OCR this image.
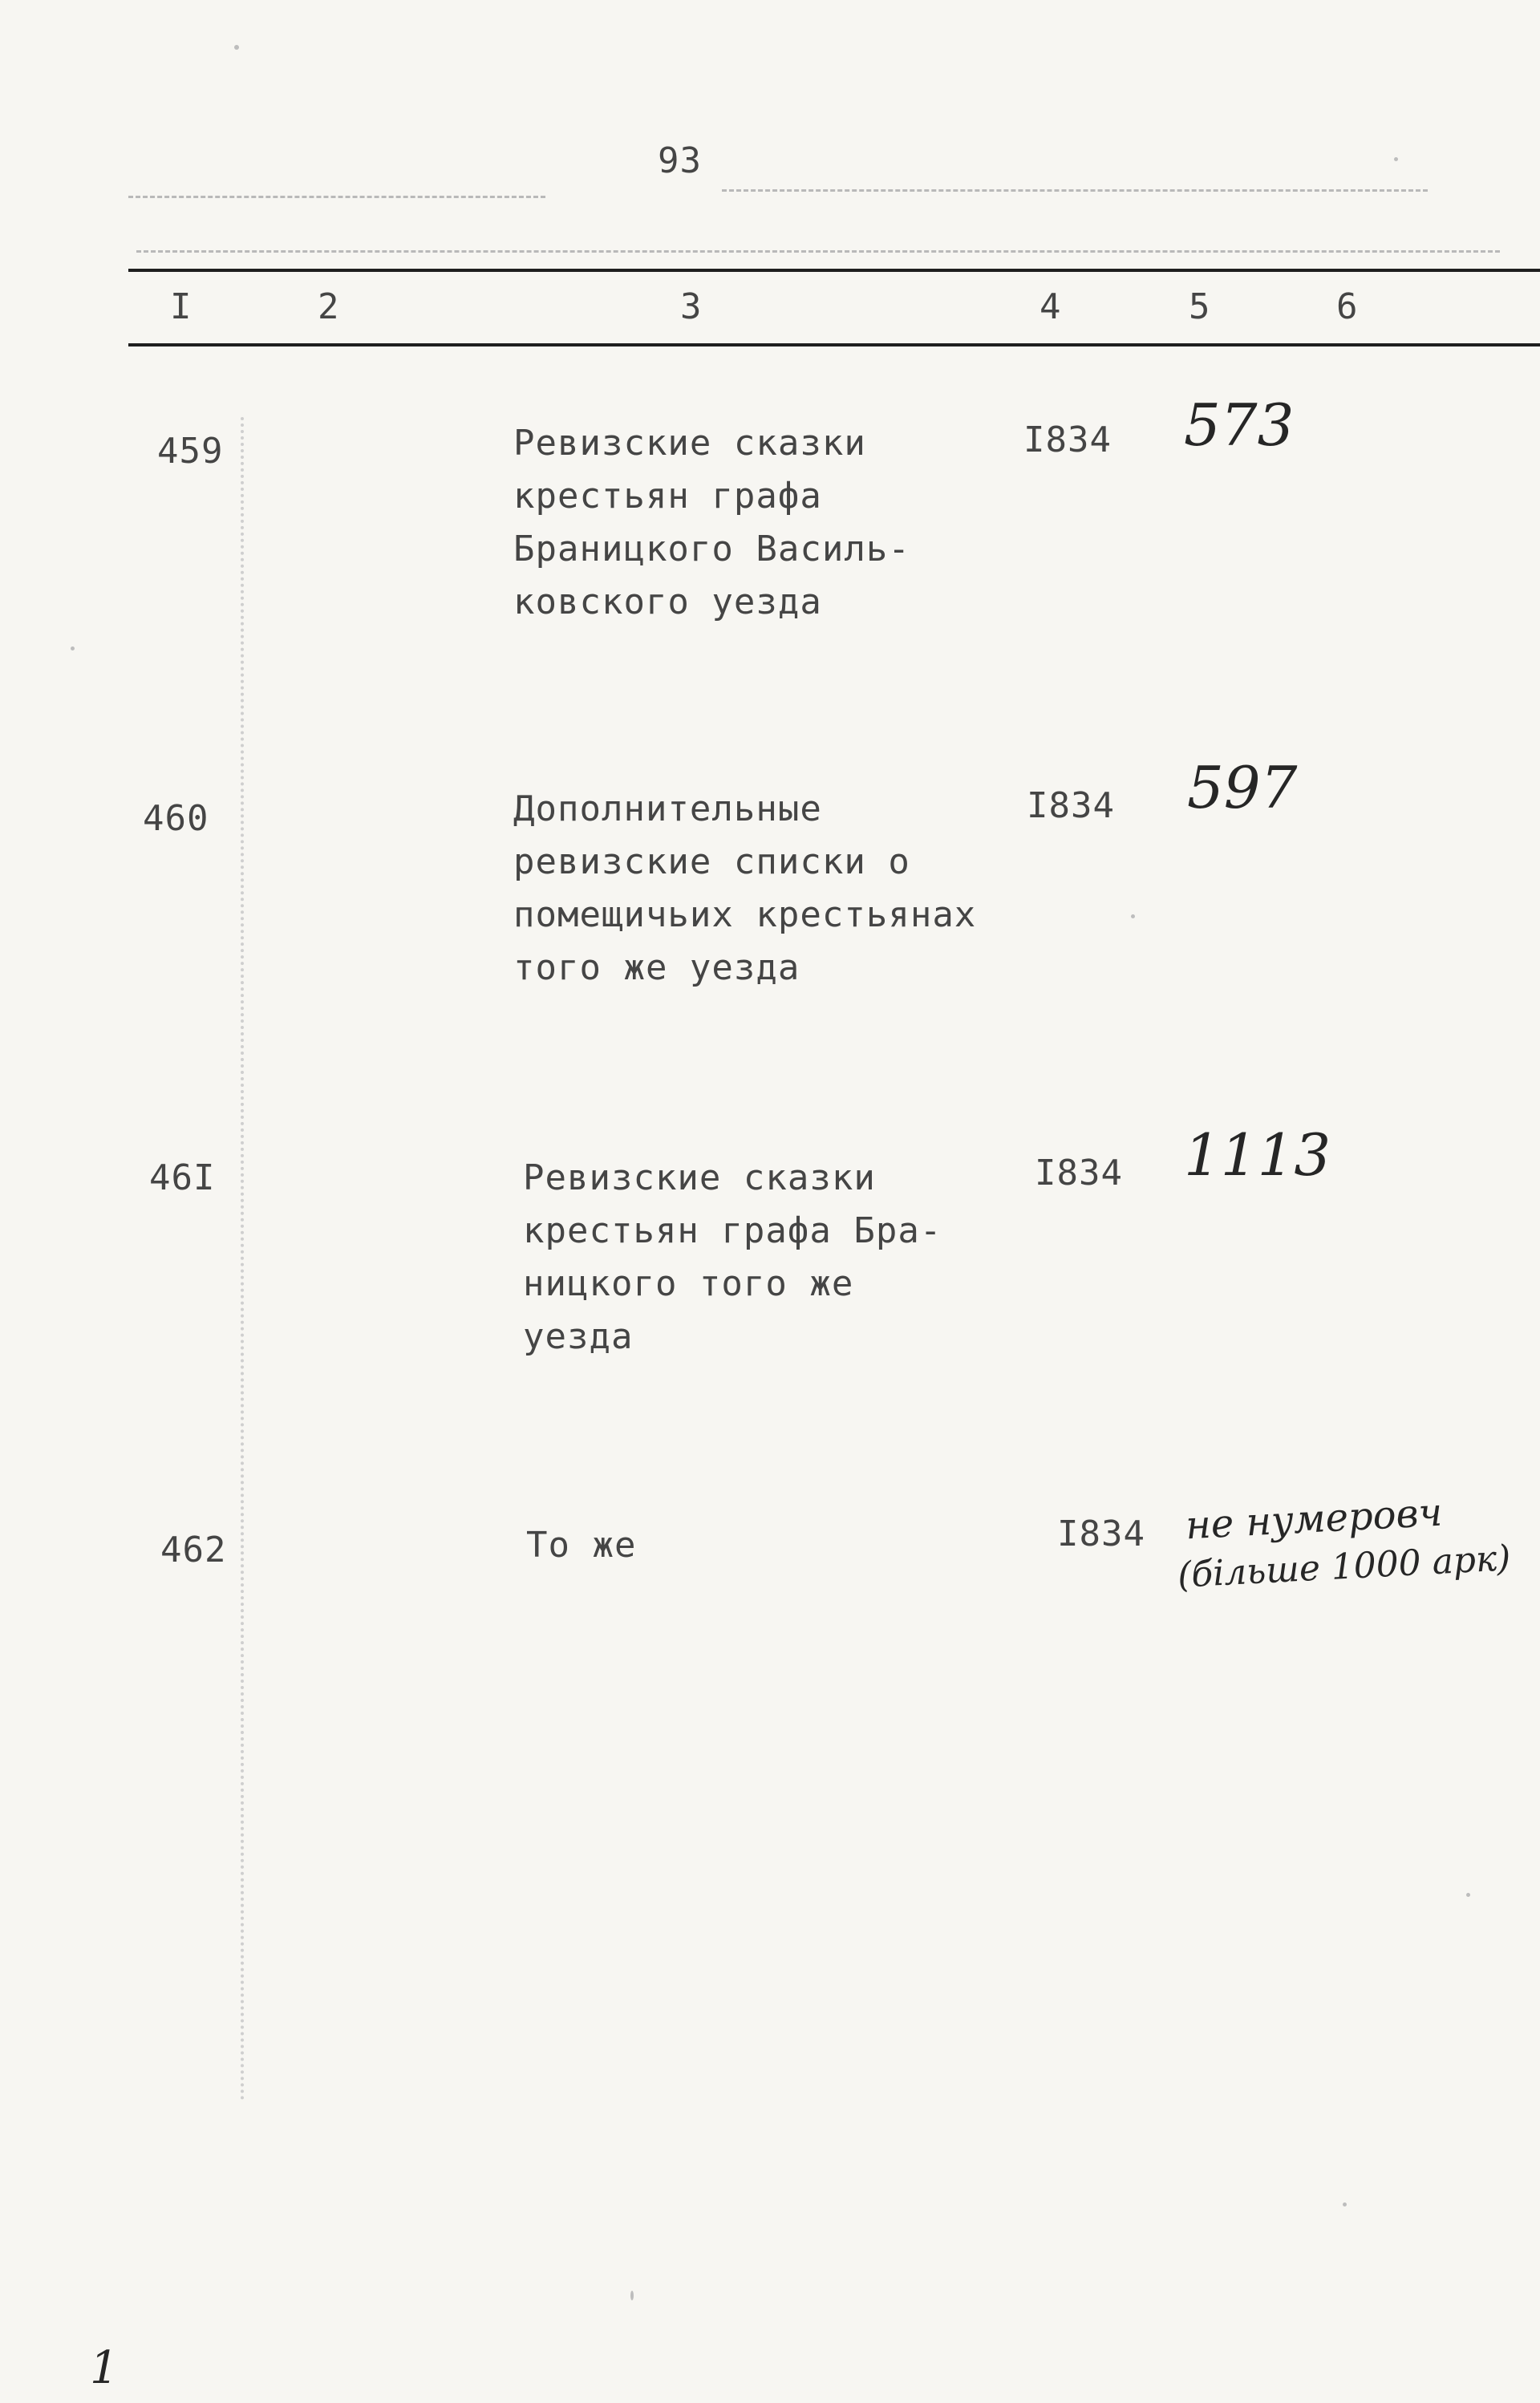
93
I	2	3	4	5	6
459	Ревизские сказки
крестьян графа
Браницкого Василь-
ковского уезда
I834 573
460	Дополнительные
ревизские списки о
помещичьих крестьянах
того же уезда
I834 597
46I	Ревизские сказки
крестьян графа Бра-
ницкого того же
уезда
I834 1113
462	То же	I834 не нумеровч
(більше 1000 арк)
1
